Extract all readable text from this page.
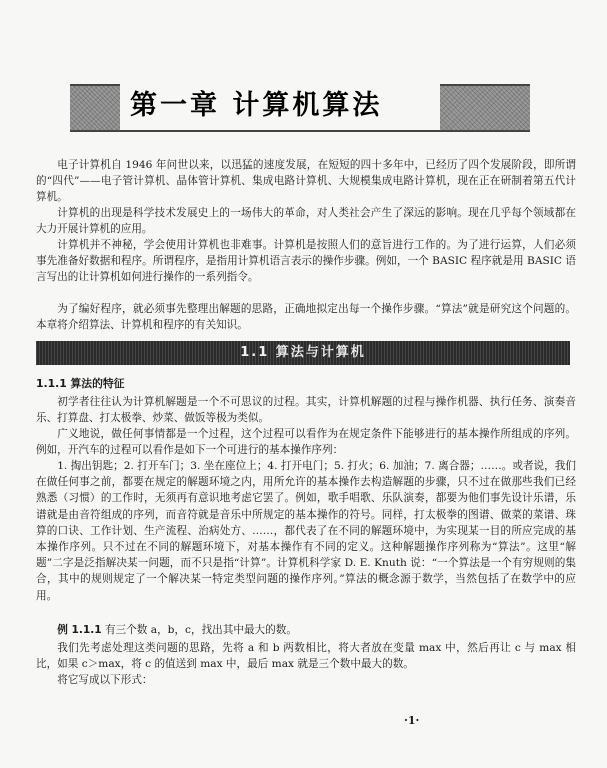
第一章 计算机算法
电子计算机自 1946 年问世以来，以迅猛的速度发展，在短短的四十多年中，已经历了四个发展阶段，即所谓的“四代”——电子管计算机、晶体管计算机、集成电路计算机、大规模集成电路计算机，现在正在研制着第五代计算机。
计算机的出现是科学技术发展史上的一场伟大的革命，对人类社会产生了深远的影响。现在几乎每个领域都在大力开展计算机的应用。
计算机并不神秘，学会使用计算机也非难事。计算机是按照人们的意旨进行工作的。为了进行运算，人们必须事先准备好数据和程序。所谓程序，是指用计算机语言表示的操作步骤。例如，一个 BASIC 程序就是用 BASIC 语言写出的让计算机如何进行操作的一系列指令。
为了编好程序，就必须事先整理出解题的思路，正确地拟定出每一个操作步骤。“算法”就是研究这个问题的。本章将介绍算法、计算机和程序的有关知识。
1.1 算法与计算机
1.1.1 算法的特征
初学者往往认为计算机解题是一个不可思议的过程。其实，计算机解题的过程与操作机器、执行任务、演奏音乐、打算盘、打太极拳、炒菜、做饭等极为类似。
广义地说，做任何事情都是一个过程，这个过程可以看作为在规定条件下能够进行的基本操作所组成的序列。例如，开汽车的过程可以看作是如下一个可进行的基本操作序列：
1. 掏出钥匙；2. 打开车门；3. 坐在座位上；4. 打开电门；5. 打火；6. 加油；7. 离合器；……。或者说，我们在做任何事之前，都要在规定的解题环境之内，用所允许的基本操作去构造解题的步骤，只不过在做那些我们已经熟悉（习惯）的工作时，无须再有意识地考虑它罢了。例如，歌手唱歌、乐队演奏，都要为他们事先设计乐谱，乐谱就是由音符组成的序列，而音符就是音乐中所规定的基本操作的符号。同样，打太极拳的图谱、做菜的菜谱、珠算的口诀、工作计划、生产流程、治病处方、……，都代表了在不同的解题环境中，为实现某一目的所应完成的基本操作序列。只不过在不同的解题环境下，对基本操作有不同的定义。这种解题操作序列称为“算法”。这里“解题”二字是泛指解决某一问题，而不只是指“计算”。计算机科学家 D. E. Knuth 说：“一个算法是一个有穷规则的集合，其中的规则规定了一个解决某一特定类型问题的操作序列。”算法的概念源于数学，当然包括了在数学中的应用。
例 1.1.1 有三个数 a，b，c，找出其中最大的数。
我们先考虑处理这类问题的思路，先将 a 和 b 两数相比，将大者放在变量 max 中，然后再让 c 与 max 相比，如果 c＞max，将 c 的值送到 max 中，最后 max 就是三个数中最大的数。
将它写成以下形式：
·1·
